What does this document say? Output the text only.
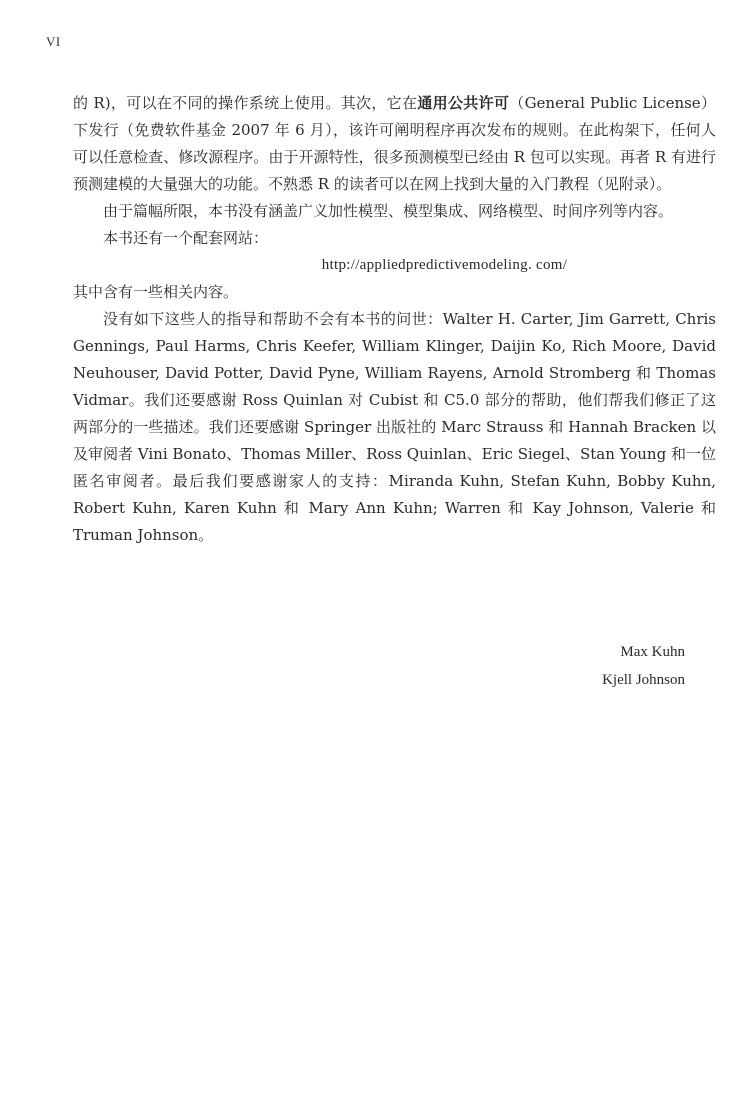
VI

的 R)，可以在不同的操作系统上使用。其次，它在通用公共许可（General Public License）下发行（免费软件基金 2007 年 6 月），该许可阐明程序再次发布的规则。在此构架下，任何人可以任意检查、修改源程序。由于开源特性，很多预测模型已经由 R 包可以实现。再者 R 有进行预测建模的大量强大的功能。不熟悉 R 的读者可以在网上找到大量的入门教程（见附录）。

由于篇幅所限，本书没有涵盖广义加性模型、模型集成、网络模型、时间序列等内容。

本书还有一个配套网站：

http://appliedpredictivemodeling. com/

其中含有一些相关内容。

没有如下这些人的指导和帮助不会有本书的问世：Walter H. Carter, Jim Garrett, Chris Gennings, Paul Harms, Chris Keefer, William Klinger, Daijin Ko, Rich Moore, David Neuhouser, David Potter, David Pyne, William Rayens, Arnold Stromberg 和 Thomas Vidmar。我们还要感谢 Ross Quinlan 对 Cubist 和 C5.0 部分的帮助，他们帮我们修正了这两部分的一些描述。我们还要感谢 Springer 出版社的 Marc Strauss 和 Hannah Bracken 以及审阅者 Vini Bonato、Thomas Miller、Ross Quinlan、Eric Siegel、Stan Young 和一位匿名审阅者。最后我们要感谢家人的支持：Miranda Kuhn, Stefan Kuhn, Bobby Kuhn, Robert Kuhn, Karen Kuhn 和 Mary Ann Kuhn; Warren 和 Kay Johnson, Valerie 和 Truman Johnson。

Max Kuhn
Kjell Johnson
